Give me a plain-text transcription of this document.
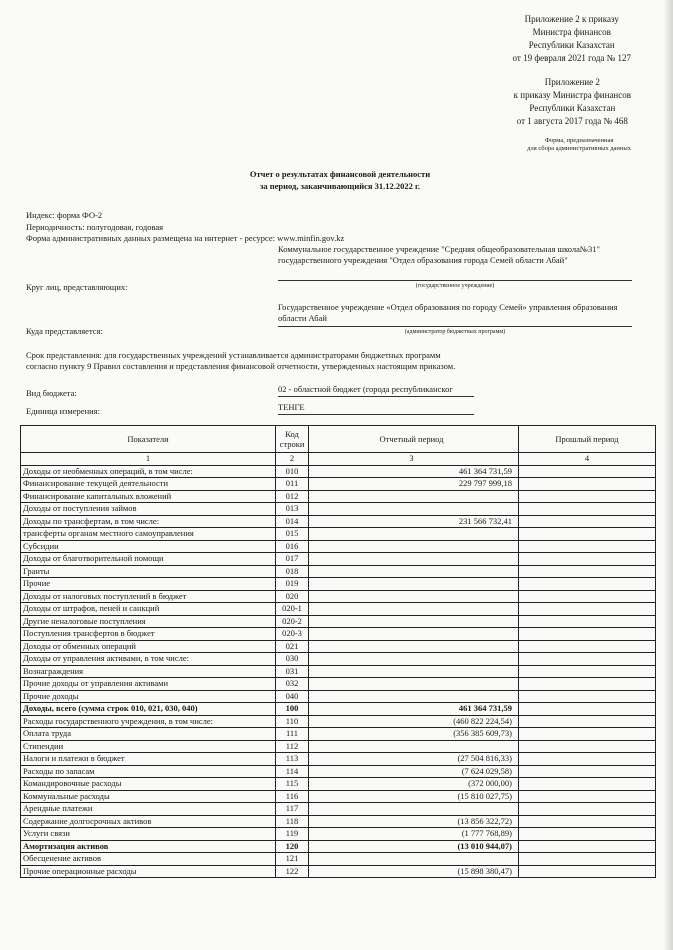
Приложение 2 к приказу
Министра финансов
Республики Казахстан
от 19 февраля 2021 года № 127
Приложение 2
к приказу Министра финансов
Республики Казахстан
от 1 августа 2017 года № 468
Форма, предназначенная
для сбора административных данных
Отчет о результатах финансовой деятельности
за период, заканчивающийся 31.12.2022 г.
Индекс: форма ФО-2
Периодичность: полугодовая, годовая
Форма административных данных размещена на интернет - ресурсе: www.minfin.gov.kz
Круг лиц, представляющих:
Коммунальное государственное учреждение "Средняя общеобразовательная школа№31" государственного учреждения "Отдел образования города Семей области Абай"
(государственное учреждение)
Куда представляется:
Государственное учреждение «Отдел образования по городу Семей» управления образования области Абай
(администратор бюджетных программ)
Срок представления: для государственных учреждений устанавливается администраторами бюджетных программ
согласно пункту 9 Правил составления и представления финансовой отчетности, утвержденных настоящим приказом.
Вид бюджета:	02 - областной бюджет (города республиканског
Единица измерения:	ТЕНГЕ
Показатели	Код строки	Отчетный период	Прошлый период
1	2	3	4
Доходы от необменных операций, в том числе:	010	461 364 731,59	
Финансирование текущей деятельности	011	229 797 999,18	
Финансирование капитальных вложений	012		
Доходы от поступления займов	013		
Доходы по трансфертам, в том числе:	014	231 566 732,41	
трансферты органам местного самоуправления	015		
Субсидии	016		
Доходы от благотворительной помощи	017		
Гранты	018		
Прочие	019		
Доходы от налоговых поступлений в бюджет	020		
Доходы от штрафов, пеней и санкций	020-1		
Другие неналоговые поступления	020-2		
Поступления трансфертов в бюджет	020-3		
Доходы от обменных операций	021		
Доходы от управления активами, в том числе:	030		
Вознаграждения	031		
Прочие доходы от управления активами	032		
Прочие доходы	040		
Доходы, всего (сумма строк 010, 021, 030, 040)	100	461 364 731,59	
Расходы государственного учреждения, в том числе:	110	(460 822 224,54)	
Оплата труда	111	(356 385 609,73)	
Стипендии	112		
Налоги и платежи в бюджет	113	(27 504 816,33)	
Расходы по запасам	114	(7 624 029,58)	
Командировочные расходы	115	(372 000,00)	
Коммунальные расходы	116	(15 810 027,75)	
Арендные платежи	117		
Содержание долгосрочных активов	118	(13 856 322,72)	
Услуги связи	119	(1 777 768,89)	
Амортизация активов	120	(13 010 944,07)	
Обесценение активов	121		
Прочие операционные расходы	122	(15 898 380,47)	
